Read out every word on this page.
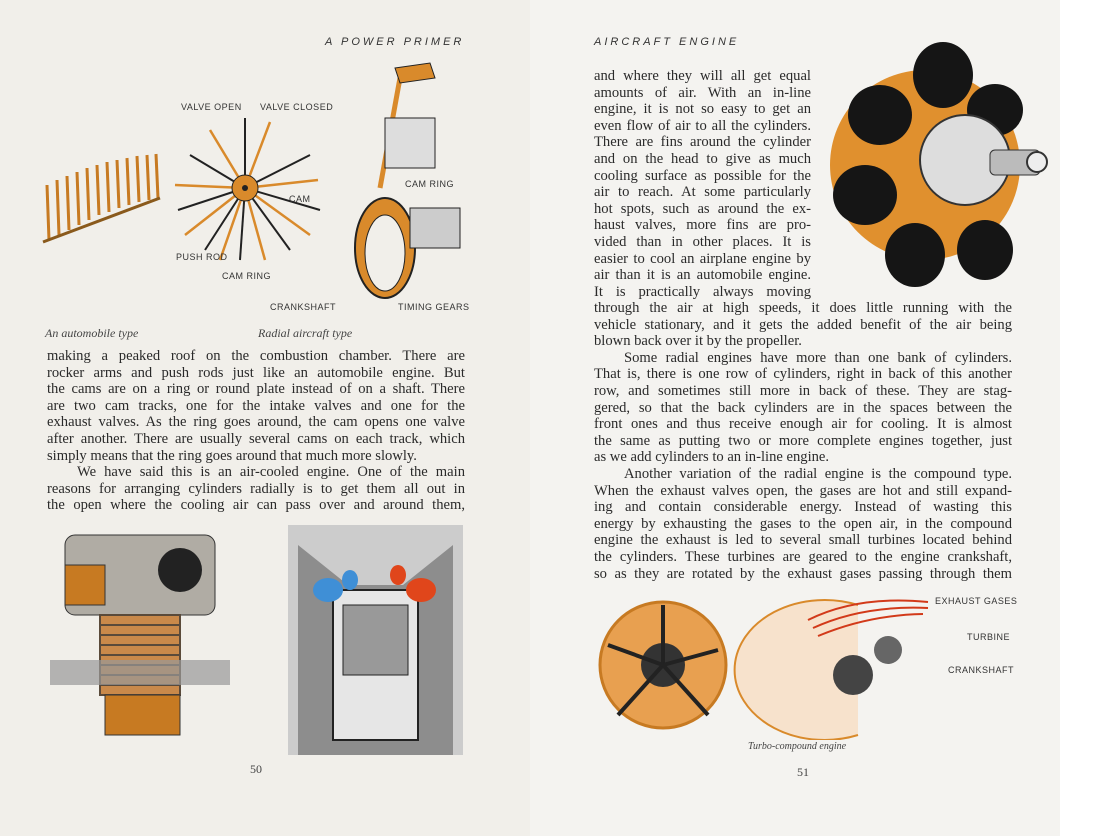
A POWER PRIMER
VALVE OPEN VALVE CLOSED
CAM
CAM RING
PUSH ROD
CAM RING
CRANKSHAFT	TIMING GEARS
An automobile type	Radial aircraft type
making a peaked roof on the combustion chamber. There are
rocker arms and push rods just like an automobile engine. But
the cams are on a ring or round plate instead of on a shaft. There
are two cam tracks, one for the intake valves and one for the
exhaust valves. As the ring goes around, the cam opens one valve
after another. There are usually several cams on each track, which
simply means that the ring goes around that much more slowly.
We have said this is an air-cooled engine. One of the main
reasons for arranging cylinders radially is to get them all out in
the open where the cooling air can pass over and around them,
50
AIRCRAFT ENGINE
and where they will all get equal
amounts of air. With an in-line
engine, it is not so easy to get an
even flow of air to all the cylinders.
There are fins around the cylinder
and on the head to give as much
cooling surface as possible for the
air to reach. At some particularly
hot spots, such as around the ex-
haust valves, more fins are pro-
vided than in other places. It is
easier to cool an airplane engine by
air than it is an automobile engine.
It is practically always moving
through the air at high speeds, it does little running with the
vehicle stationary, and it gets the added benefit of the air being
blown back over it by the propeller.
Some radial engines have more than one bank of cylinders.
That is, there is one row of cylinders, right in back of this another
row, and sometimes still more in back of these. They are stag-
gered, so that the back cylinders are in the spaces between the
front ones and thus receive enough air for cooling. It is almost
the same as putting two or more complete engines together, just
as we add cylinders to an in-line engine.
Another variation of the radial engine is the compound type.
When the exhaust valves open, the gases are hot and still expand-
ing and contain considerable energy. Instead of wasting this
energy by exhausting the gases to the open air, in the compound
engine the exhaust is led to several small turbines located behind
the cylinders. These turbines are geared to the engine crankshaft,
so as they are rotated by the exhaust gases passing through them
EXHAUST GASES
TURBINE
CRANKSHAFT
Turbo-compound engine
51
